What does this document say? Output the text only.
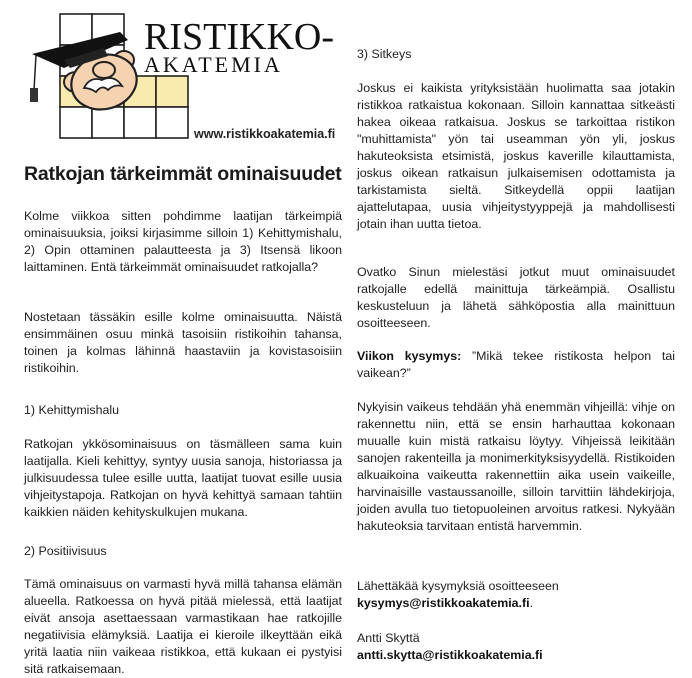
RISTIKKO-
AKATEMIA
www.ristikkoakatemia.fi
Ratkojan tärkeimmät ominaisuudet

Kolme viikkoa sitten pohdimme laatijan tärkeimpiä ominaisuuksia, joiksi kirjasimme silloin 1) Kehittymishalu, 2) Opin ottaminen palautteesta ja 3) Itsensä likoon laittaminen. Entä tärkeimmät ominaisuudet ratkojalla?

Nostetaan tässäkin esille kolme ominaisuutta. Näistä ensimmäinen osuu minkä tasoisiin ristikoihin tahansa, toinen ja kolmas lähinnä haastaviin ja kovistasoisiin ristikoihin.

1) Kehittymishalu

Ratkojan ykkösominaisuus on täsmälleen sama kuin laatijalla. Kieli kehittyy, syntyy uusia sanoja, historiassa ja julkisuudessa tulee esille uutta, laatijat tuovat esille uusia vihjeitystapoja. Ratkojan on hyvä kehittyä samaan tahtiin kaikkien näiden kehityskulkujen mukana.

2) Positiivisuus

Tämä ominaisuus on varmasti hyvä millä tahansa elämän alueella. Ratkoessa on hyvä pitää mielessä, että laatijat eivät ansoja asettaessaan varmastikaan hae ratkojille negatiivisia elämyksiä. Laatija ei kieroile ilkeyttään eikä yritä laatia niin vaikeaa ristikkoa, että kukaan ei pystyisi sitä ratkaisemaan.

3) Sitkeys

Joskus ei kaikista yrityksistään huolimatta saa jotakin ristikkoa ratkaistua kokonaan. Silloin kannattaa sitkeästi hakea oikeaa ratkaisua. Joskus se tarkoittaa ristikon "muhittamista" yön tai useamman yön yli, joskus hakuteoksista etsimistä, joskus kaverille kilauttamista, joskus oikean ratkaisun julkaisemisen odottamista ja tarkistamista sieltä. Sitkeydellä oppii laatijan ajattelutapaa, uusia vihjeitystyyppejä ja mahdollisesti jotain ihan uutta tietoa.

Ovatko Sinun mielestäsi jotkut muut ominaisuudet ratkojalle edellä mainittuja tärkeämpiä. Osallistu keskusteluun ja lähetä sähköpostia alla mainittuun osoitteeseen.

Viikon kysymys: ”Mikä tekee ristikosta helpon tai vaikean?”

Nykyisin vaikeus tehdään yhä enemmän vihjeillä: vihje on rakennettu niin, että se ensin harhauttaa kokonaan muualle kuin mistä ratkaisu löytyy. Vihjeissä leikitään sanojen rakenteilla ja monimerkityksisyydellä. Ristikoiden alkuaikoina vaikeutta rakennettiin aika usein vaikeille, harvinaisille vastaussanoille, silloin tarvittiin lähdekirjoja, joiden avulla tuo tietopuoleinen arvoitus ratkesi. Nykyään hakuteoksia tarvitaan entistä harvemmin.

Lähettäkää kysymyksiä osoitteeseen
kysymys@ristikkoakatemia.fi.
Antti Skyttä
antti.skytta@ristikkoakatemia.fi
